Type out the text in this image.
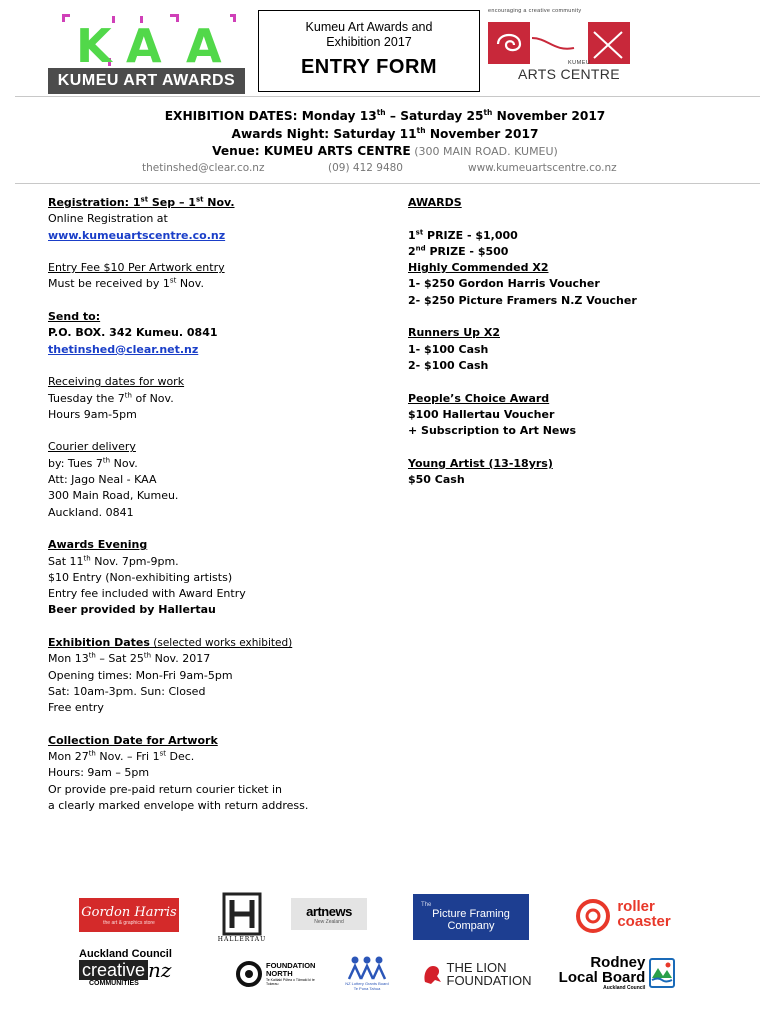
K A A
KUMEU ART AWARDS
Kumeu Art Awards and
Exhibition 2017
ENTRY FORM
encouraging a creative community
KUMEU
ARTS CENTRE
EXHIBITION DATES: Monday 13th – Saturday 25th November 2017
Awards Night: Saturday 11th November 2017
Venue: KUMEU ARTS CENTRE (300 MAIN ROAD. KUMEU)
thetinshed@clear.co.nz	(09) 412 9480	www.kumeuartscentre.co.nz
Registration: 1st Sep – 1st Nov.
Online Registration at
www.kumeuartscentre.co.nz
Entry Fee $10 Per Artwork entry
Must be received by 1st Nov.
Send to:
P.O. BOX. 342 Kumeu. 0841
thetinshed@clear.net.nz
Receiving dates for work
Tuesday the 7th of Nov.
Hours 9am-5pm
Courier delivery
by: Tues 7th Nov.
Att: Jago Neal - KAA
300 Main Road, Kumeu.
Auckland. 0841
Awards Evening
Sat 11th Nov. 7pm-9pm.
$10 Entry (Non-exhibiting artists)
Entry fee included with Award Entry
Beer provided by Hallertau
Exhibition Dates (selected works exhibited)
Mon 13th – Sat 25th Nov. 2017
Opening times: Mon-Fri 9am-5pm
Sat: 10am-3pm. Sun: Closed
Free entry
Collection Date for Artwork
Mon 27th Nov. – Fri 1st Dec.
Hours: 9am – 5pm
Or provide pre-paid return courier ticket in
a clearly marked envelope with return address.
AWARDS
1st PRIZE - $1,000
2nd PRIZE - $500
Highly Commended X2
1- $250 Gordon Harris Voucher
2- $250 Picture Framers N.Z Voucher
Runners Up X2
1- $100 Cash
2- $100 Cash
People’s Choice Award
$100 Hallertau Voucher
+ Subscription to Art News
Young Artist (13-18yrs)
$50 Cash
Gordon Harris
the art & graphics store
HALLERTAU
artnews
New Zealand
The
Picture Framing
Company
roller
coaster
Auckland Council
creative nz
COMMUNITIES
FOUNDATION
NORTH
Te Kaitiaki Pūtea o Tāmaki ki te Tokerau	NZ Lottery Grants Board
Te Puna Tahua
THE LION
FOUNDATION
Rodney
Local Board
Auckland Council
